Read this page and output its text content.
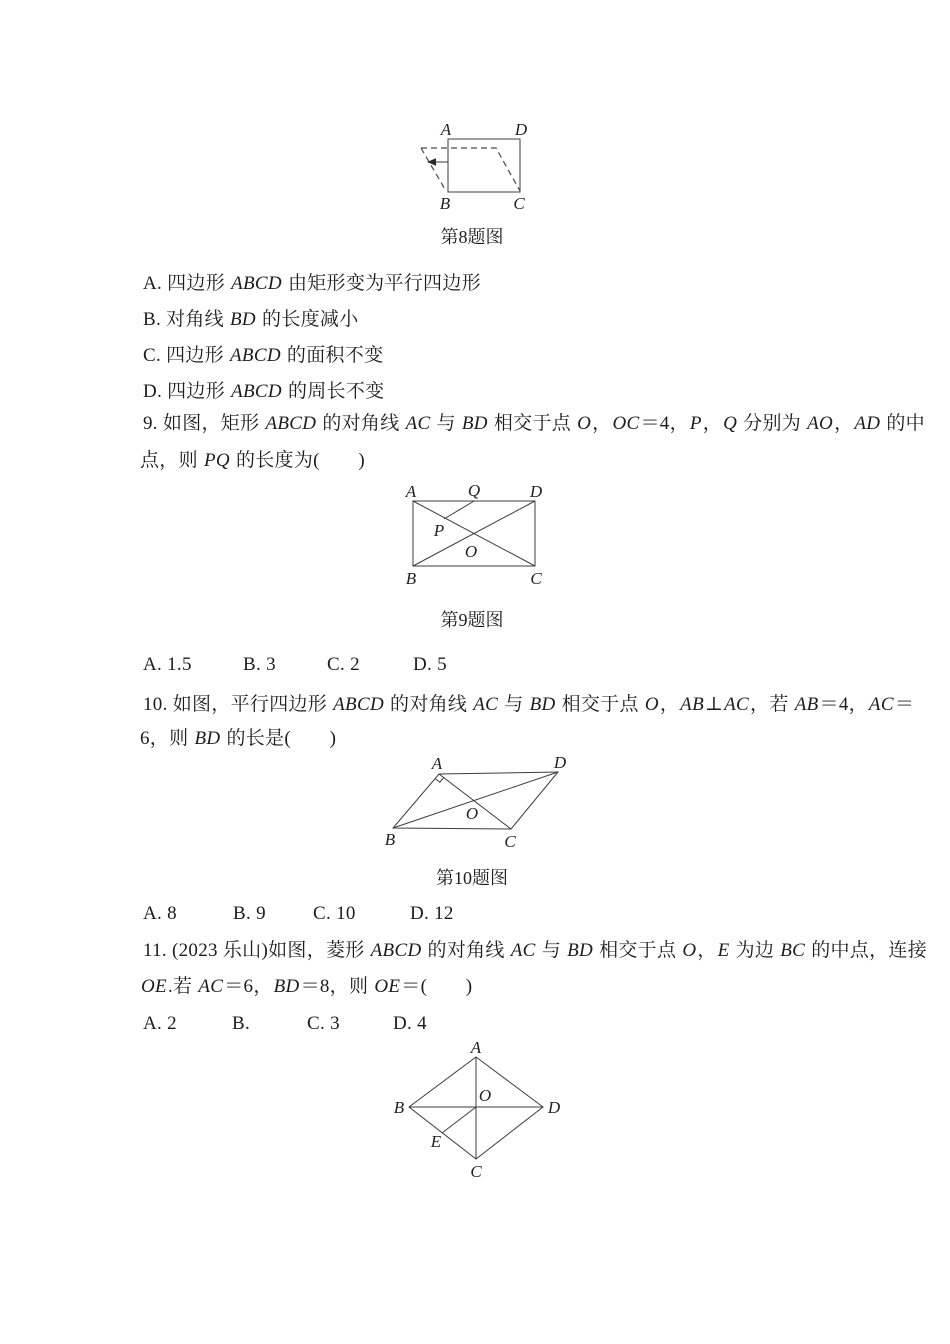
A	D
B	C
第8题图
A. 四边形 ABCD 由矩形变为平行四边形
B. 对角线 BD 的长度减小
C. 四边形 ABCD 的面积不变
D. 四边形 ABCD 的周长不变
9. 如图，矩形 ABCD 的对角线 AC 与 BD 相交于点 O，OC＝4，P，Q 分别为 AO，AD 的中
点，则 PQ 的长度为(　　)
A	Q	D
P
O
B	C
第9题图
A. 1.5	B. 3	C. 2	D. 5
10. 如图，平行四边形 ABCD 的对角线 AC 与 BD 相交于点 O，AB⊥AC，若 AB＝4，AC＝
6，则 BD 的长是(　　)
A	D
O
B	C
第10题图
A. 8	B. 9 C. 10	D. 12
11. (2023 乐山)如图，菱形 ABCD 的对角线 AC 与 BD 相交于点 O，E 为边 BC 的中点，连接
OE.若 AC＝6，BD＝8，则 OE＝(　　)
A. 2	B.	C. 3	D. 4
A
O
B	D
E
C
